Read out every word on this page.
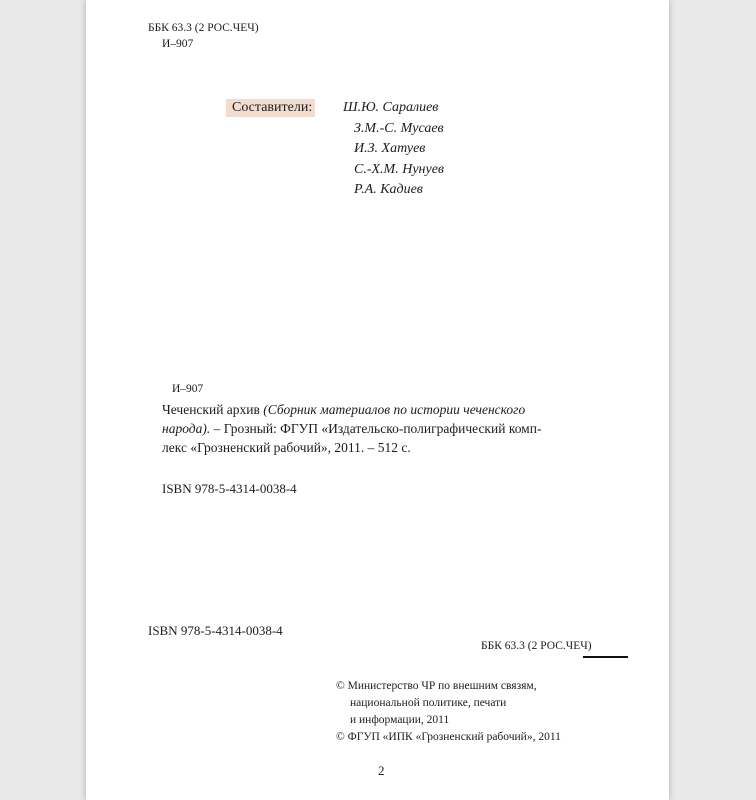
ББК 63.3 (2 РОС.ЧЕЧ)
И–907
Составители: Ш.Ю. Саралиев
З.М.-С. Мусаев
И.З. Хатуев
С.-Х.М. Нунуев
Р.А. Кадиев
И–907
Чеченский архив (Сборник материалов по истории чеченского
народа). – Грозный: ФГУП «Издательско-полиграфический комп-
лекс «Грозненский рабочий», 2011. – 512 с.
ISBN 978-5-4314-0038-4
ISBN 978-5-4314-0038-4
ББК 63.3 (2 РОС.ЧЕЧ)
© Министерство ЧР по внешним связям,
национальной политике, печати
и информации, 2011
© ФГУП «ИПК «Грозненский рабочий», 2011
2
